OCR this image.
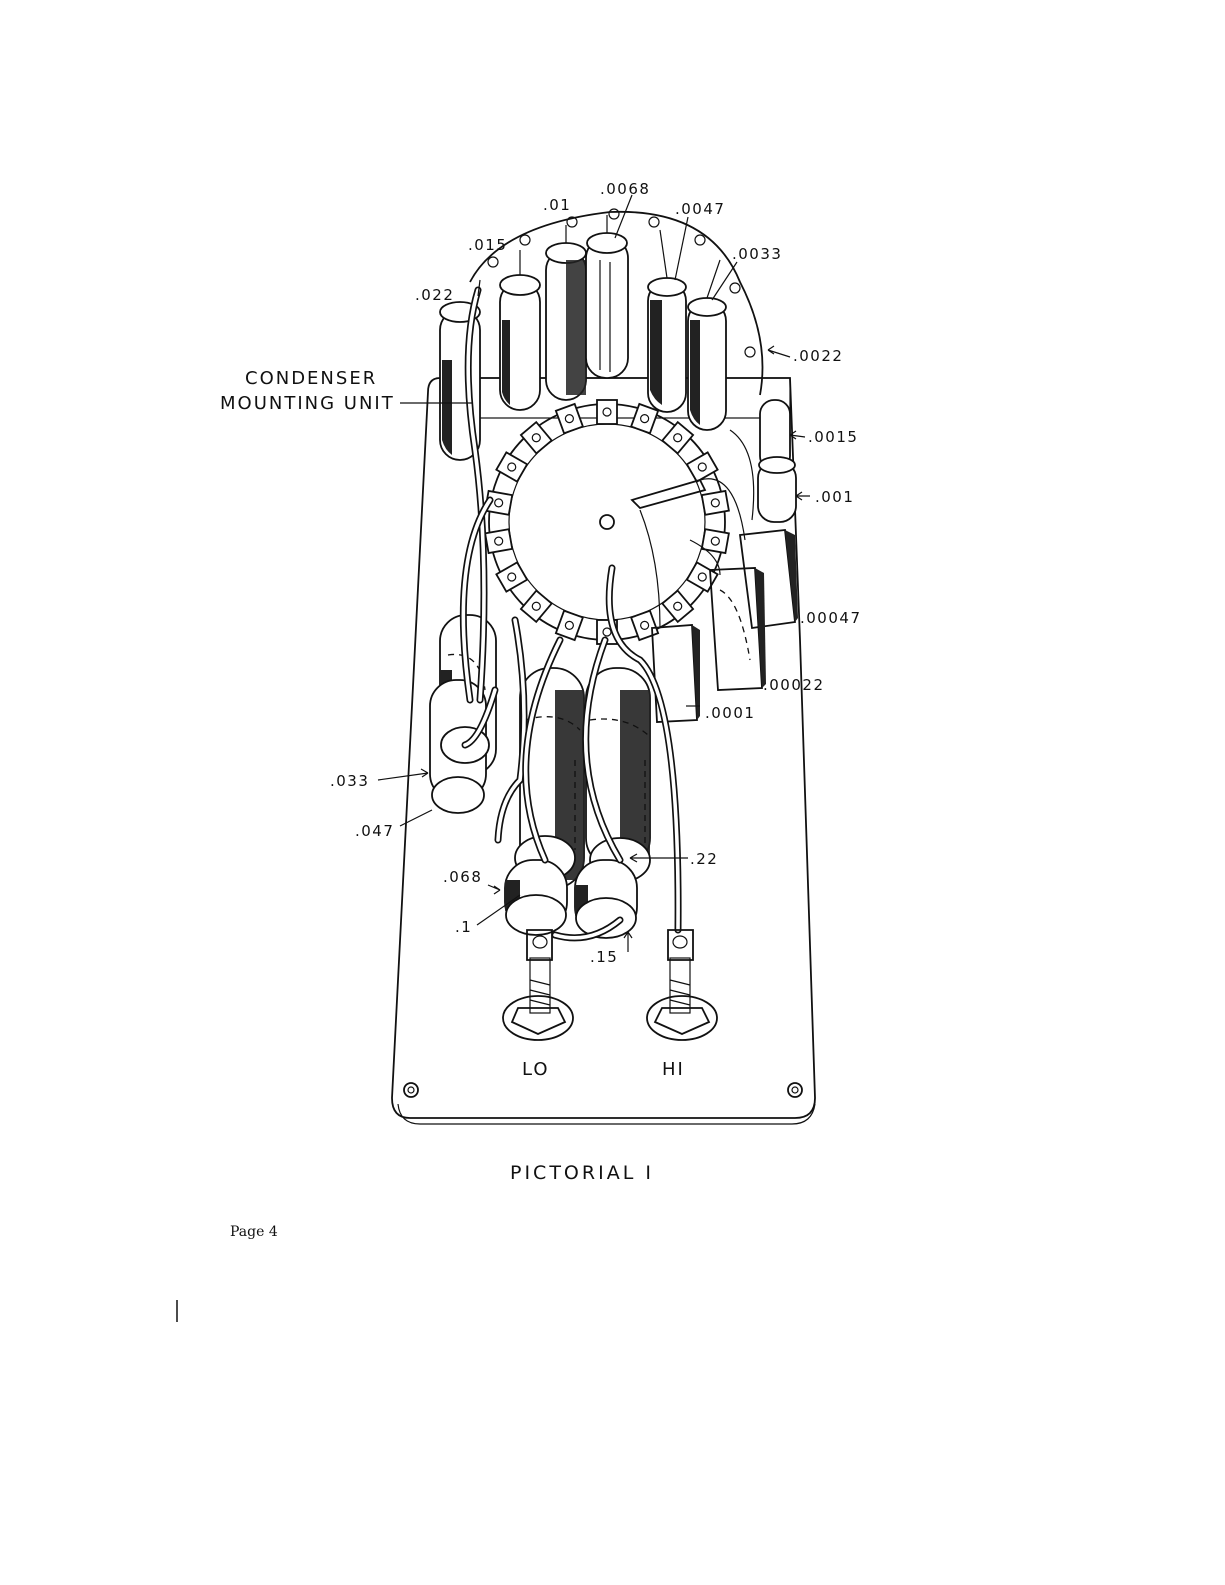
CONDENSER
MOUNTING UNIT
.022
.015
.01
.0068
.0047
.0033
.0022
.0015
.001
.00047
.00022
.0001
.033
.047
.068
.1
.15
.22
LO	HI
PICTORIAL I
Page 4
